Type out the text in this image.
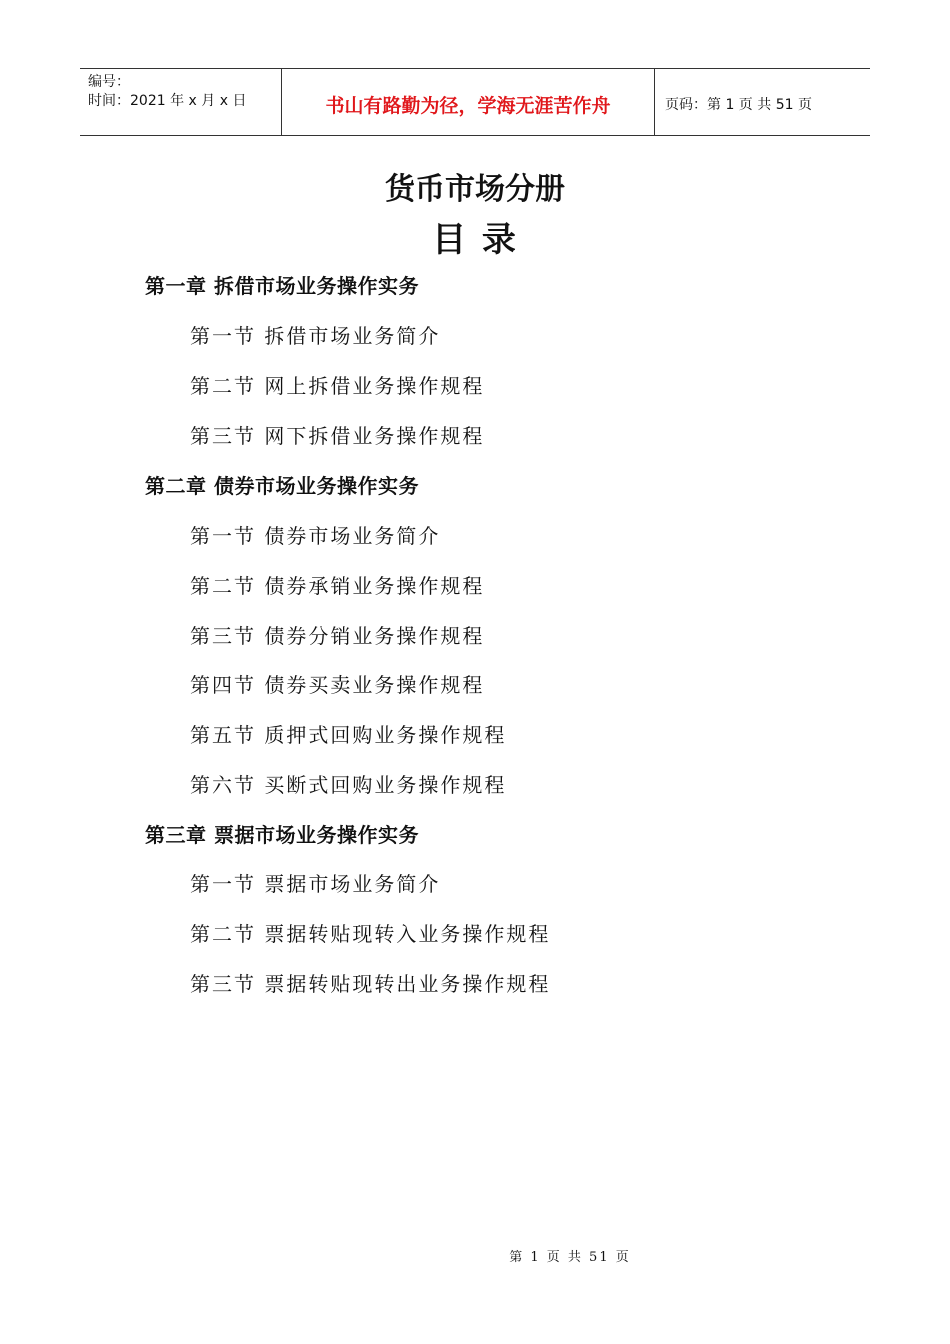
编号：
时间：2021 年 x 月 x 日	书山有路勤为径，学海无涯苦作舟	页码：第 1 页 共 51 页
货币市场分册
目 录
第一章 拆借市场业务操作实务
第一节 拆借市场业务简介
第二节 网上拆借业务操作规程
第三节 网下拆借业务操作规程
第二章 债券市场业务操作实务
第一节 债券市场业务简介
第二节 债券承销业务操作规程
第三节 债券分销业务操作规程
第四节 债券买卖业务操作规程
第五节 质押式回购业务操作规程
第六节 买断式回购业务操作规程
第三章 票据市场业务操作实务
第一节 票据市场业务简介
第二节 票据转贴现转入业务操作规程
第三节 票据转贴现转出业务操作规程
第 1 页 共 51 页
